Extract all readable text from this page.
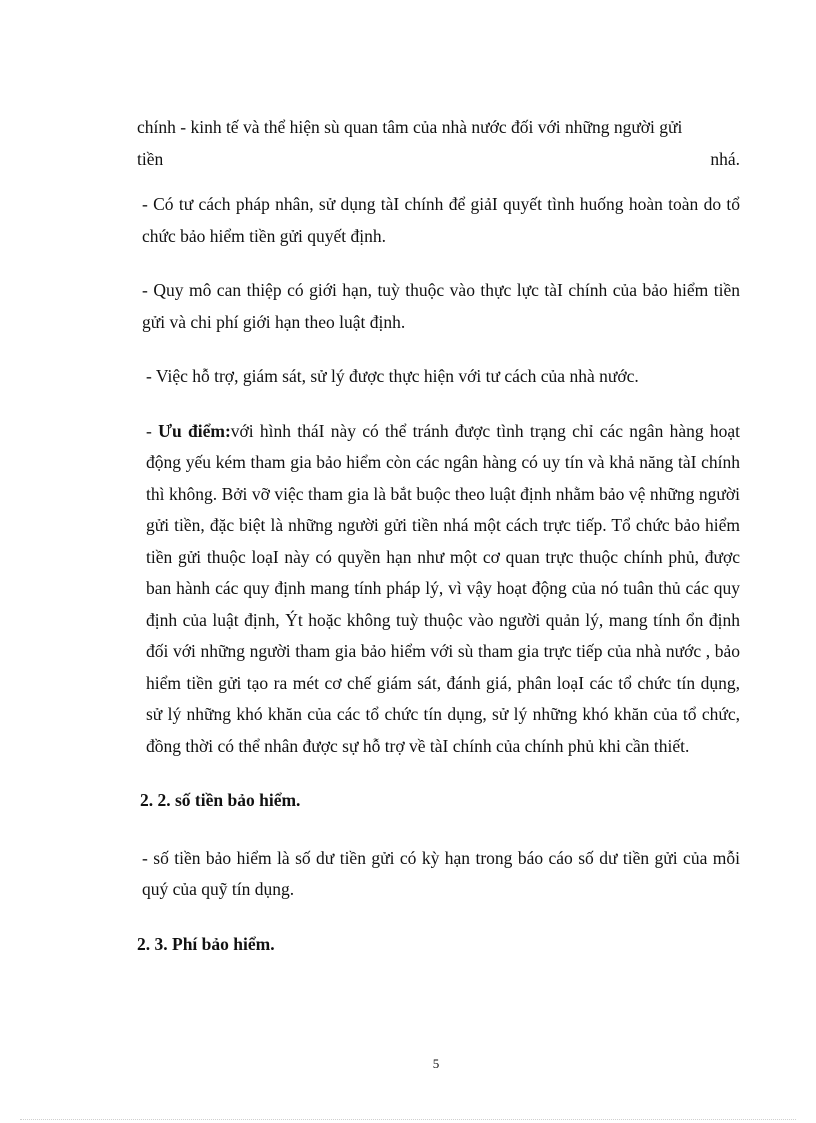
chính - kinh tế và thể hiện sù quan tâm của nhà nước đối với những người gửi

tiền	nhá.

- Có tư cách pháp nhân, sử dụng tàI chính để giảI quyết tình huống hoàn toàn do tổ chức bảo hiểm tiền gửi quyết định.

- Quy mô can thiệp có giới hạn, tuỳ thuộc vào thực lực tàI chính của bảo hiểm tiền gửi và chi phí giới hạn theo luật định.

- Việc hỗ trợ, giám sát, sử lý được thực hiện với tư cách của nhà nước.

- Ưu điểm:với hình tháI này có thể tránh được tình trạng chỉ các ngân hàng hoạt động yếu kém tham gia bảo hiểm còn các ngân hàng có uy tín và khả năng tàI chính thì không. Bởi vỡ việc tham gia là bắt buộc theo luật định nhằm bảo vệ những người gửi tiền, đặc biệt là những người gửi tiền nhá một cách trực tiếp. Tổ chức bảo hiểm tiền gửi thuộc loạI này có quyền hạn như một cơ quan trực thuộc chính phủ, được ban hành các quy định mang tính pháp lý, vì vậy hoạt động của nó tuân thủ các quy định của luật định, Ýt hoặc không tuỳ thuộc vào người quản lý, mang tính ổn định đối với những người tham gia bảo hiểm với sù tham gia trực tiếp của nhà nước , bảo hiểm tiền gửi tạo ra mét cơ chế giám sát, đánh giá, phân loạI các tổ chức tín dụng, sử lý những khó khăn của các tổ chức tín dụng, sử lý những khó khăn của tổ chức, đồng thời có thể nhân được sự hỗ trợ về tàI chính của chính phủ khi cần thiết.

2. 2. số tiền bảo hiểm.

- số tiền bảo hiểm là số dư tiền gửi có kỳ hạn trong báo cáo số dư tiền gửi của mỗi quý của quỹ tín dụng.

2. 3. Phí bảo hiểm.

5
